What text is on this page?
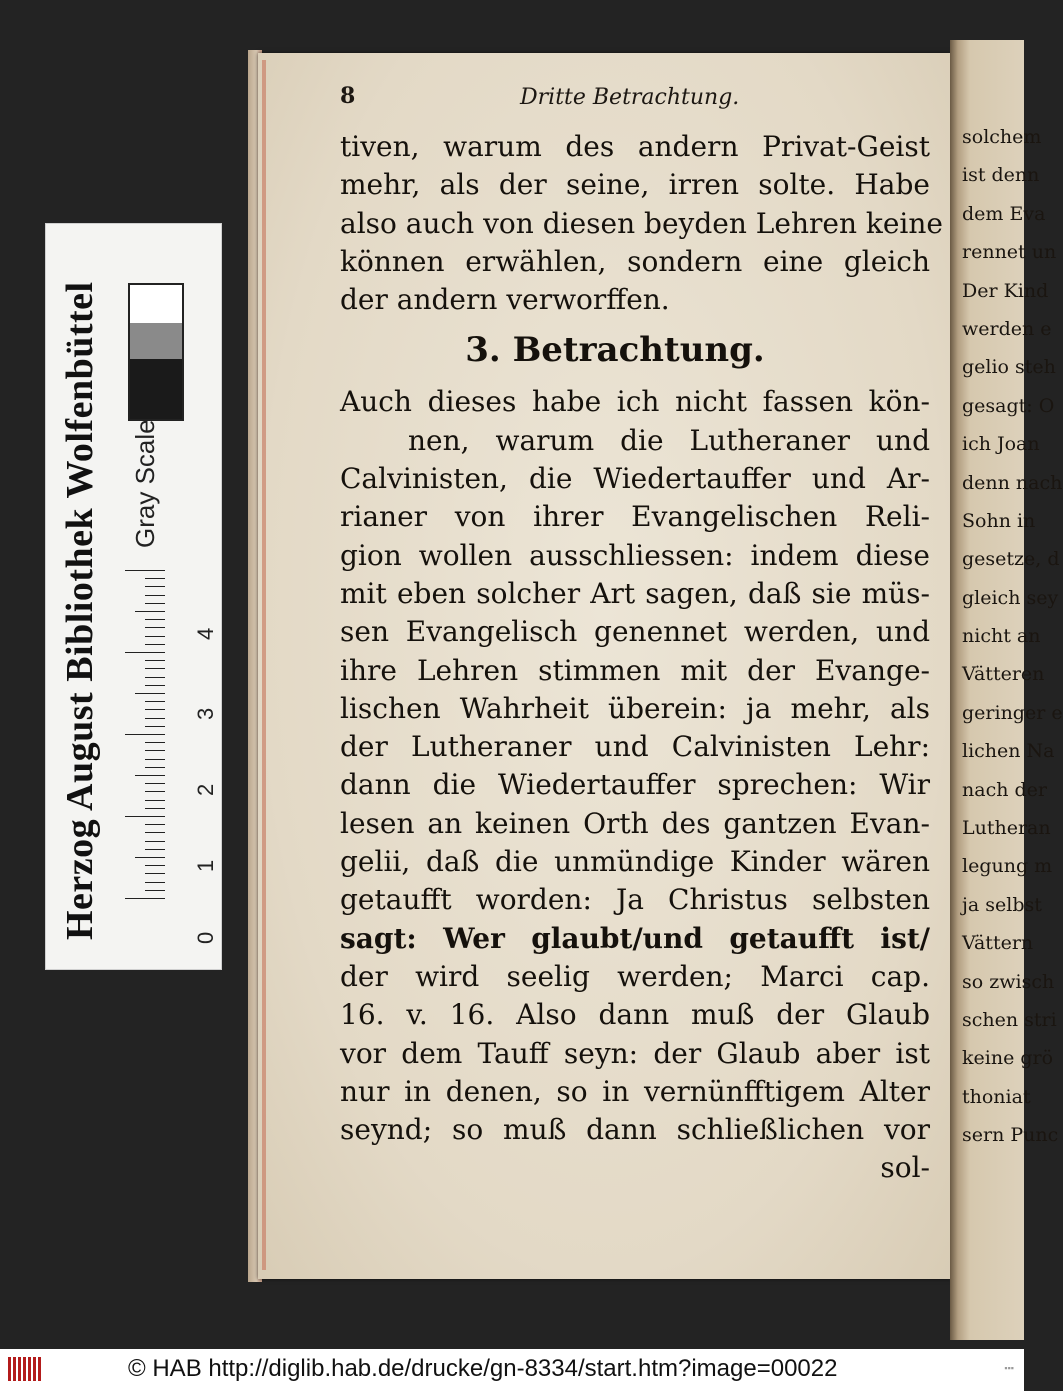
Herzog August Bibliothek Wolfenbüttel Gray Scale
0
1
2
3
4
8	Dritte Betrachtung.
tiven, warum des andern Privat-Geist
mehr, als der seine, irren solte. Habe
also auch von diesen beyden Lehren keine
können erwählen, sondern eine gleich
der andern verworffen.
3. Betrachtung.
Auch dieses habe ich nicht fassen kön-
nen, warum die Lutheraner und
Calvinisten, die Wiedertauffer und Ar-
rianer von ihrer Evangelischen Reli-
gion wollen ausschliessen: indem diese
mit eben solcher Art sagen, daß sie müs-
sen Evangelisch genennet werden, und
ihre Lehren stimmen mit der Evange-
lischen Wahrheit überein: ja mehr, als
der Lutheraner und Calvinisten Lehr:
dann die Wiedertauffer sprechen: Wir
lesen an keinen Orth des gantzen Evan-
gelii, daß die unmündige Kinder wären
getaufft worden: Ja Christus selbsten
sagt: Wer glaubt/und getaufft ist/
der wird seelig werden; Marci cap.
16. v. 16. Also dann muß der Glaub
vor dem Tauff seyn: der Glaub aber ist
nur in denen, so in vernünfftigem Alter
seynd; so muß dann schließlichen vor
sol-
solchem
ist denn
dem Eva
rennet un
Der Kind
werden e
gelio steh
gesagt: O
ich Joan
denn nach
Sohn in
gesetze, d
gleich sey
nicht an
Vätteren
geringer e
lichen Na
nach der
Lutheran
legung m
ja selbst
Vättern
so zwisch
schen stri
keine grö
thoniat
sern Punc
© HAB http://diglib.hab.de/drucke/gn-8334/start.htm?image=00022	▪▪▪
